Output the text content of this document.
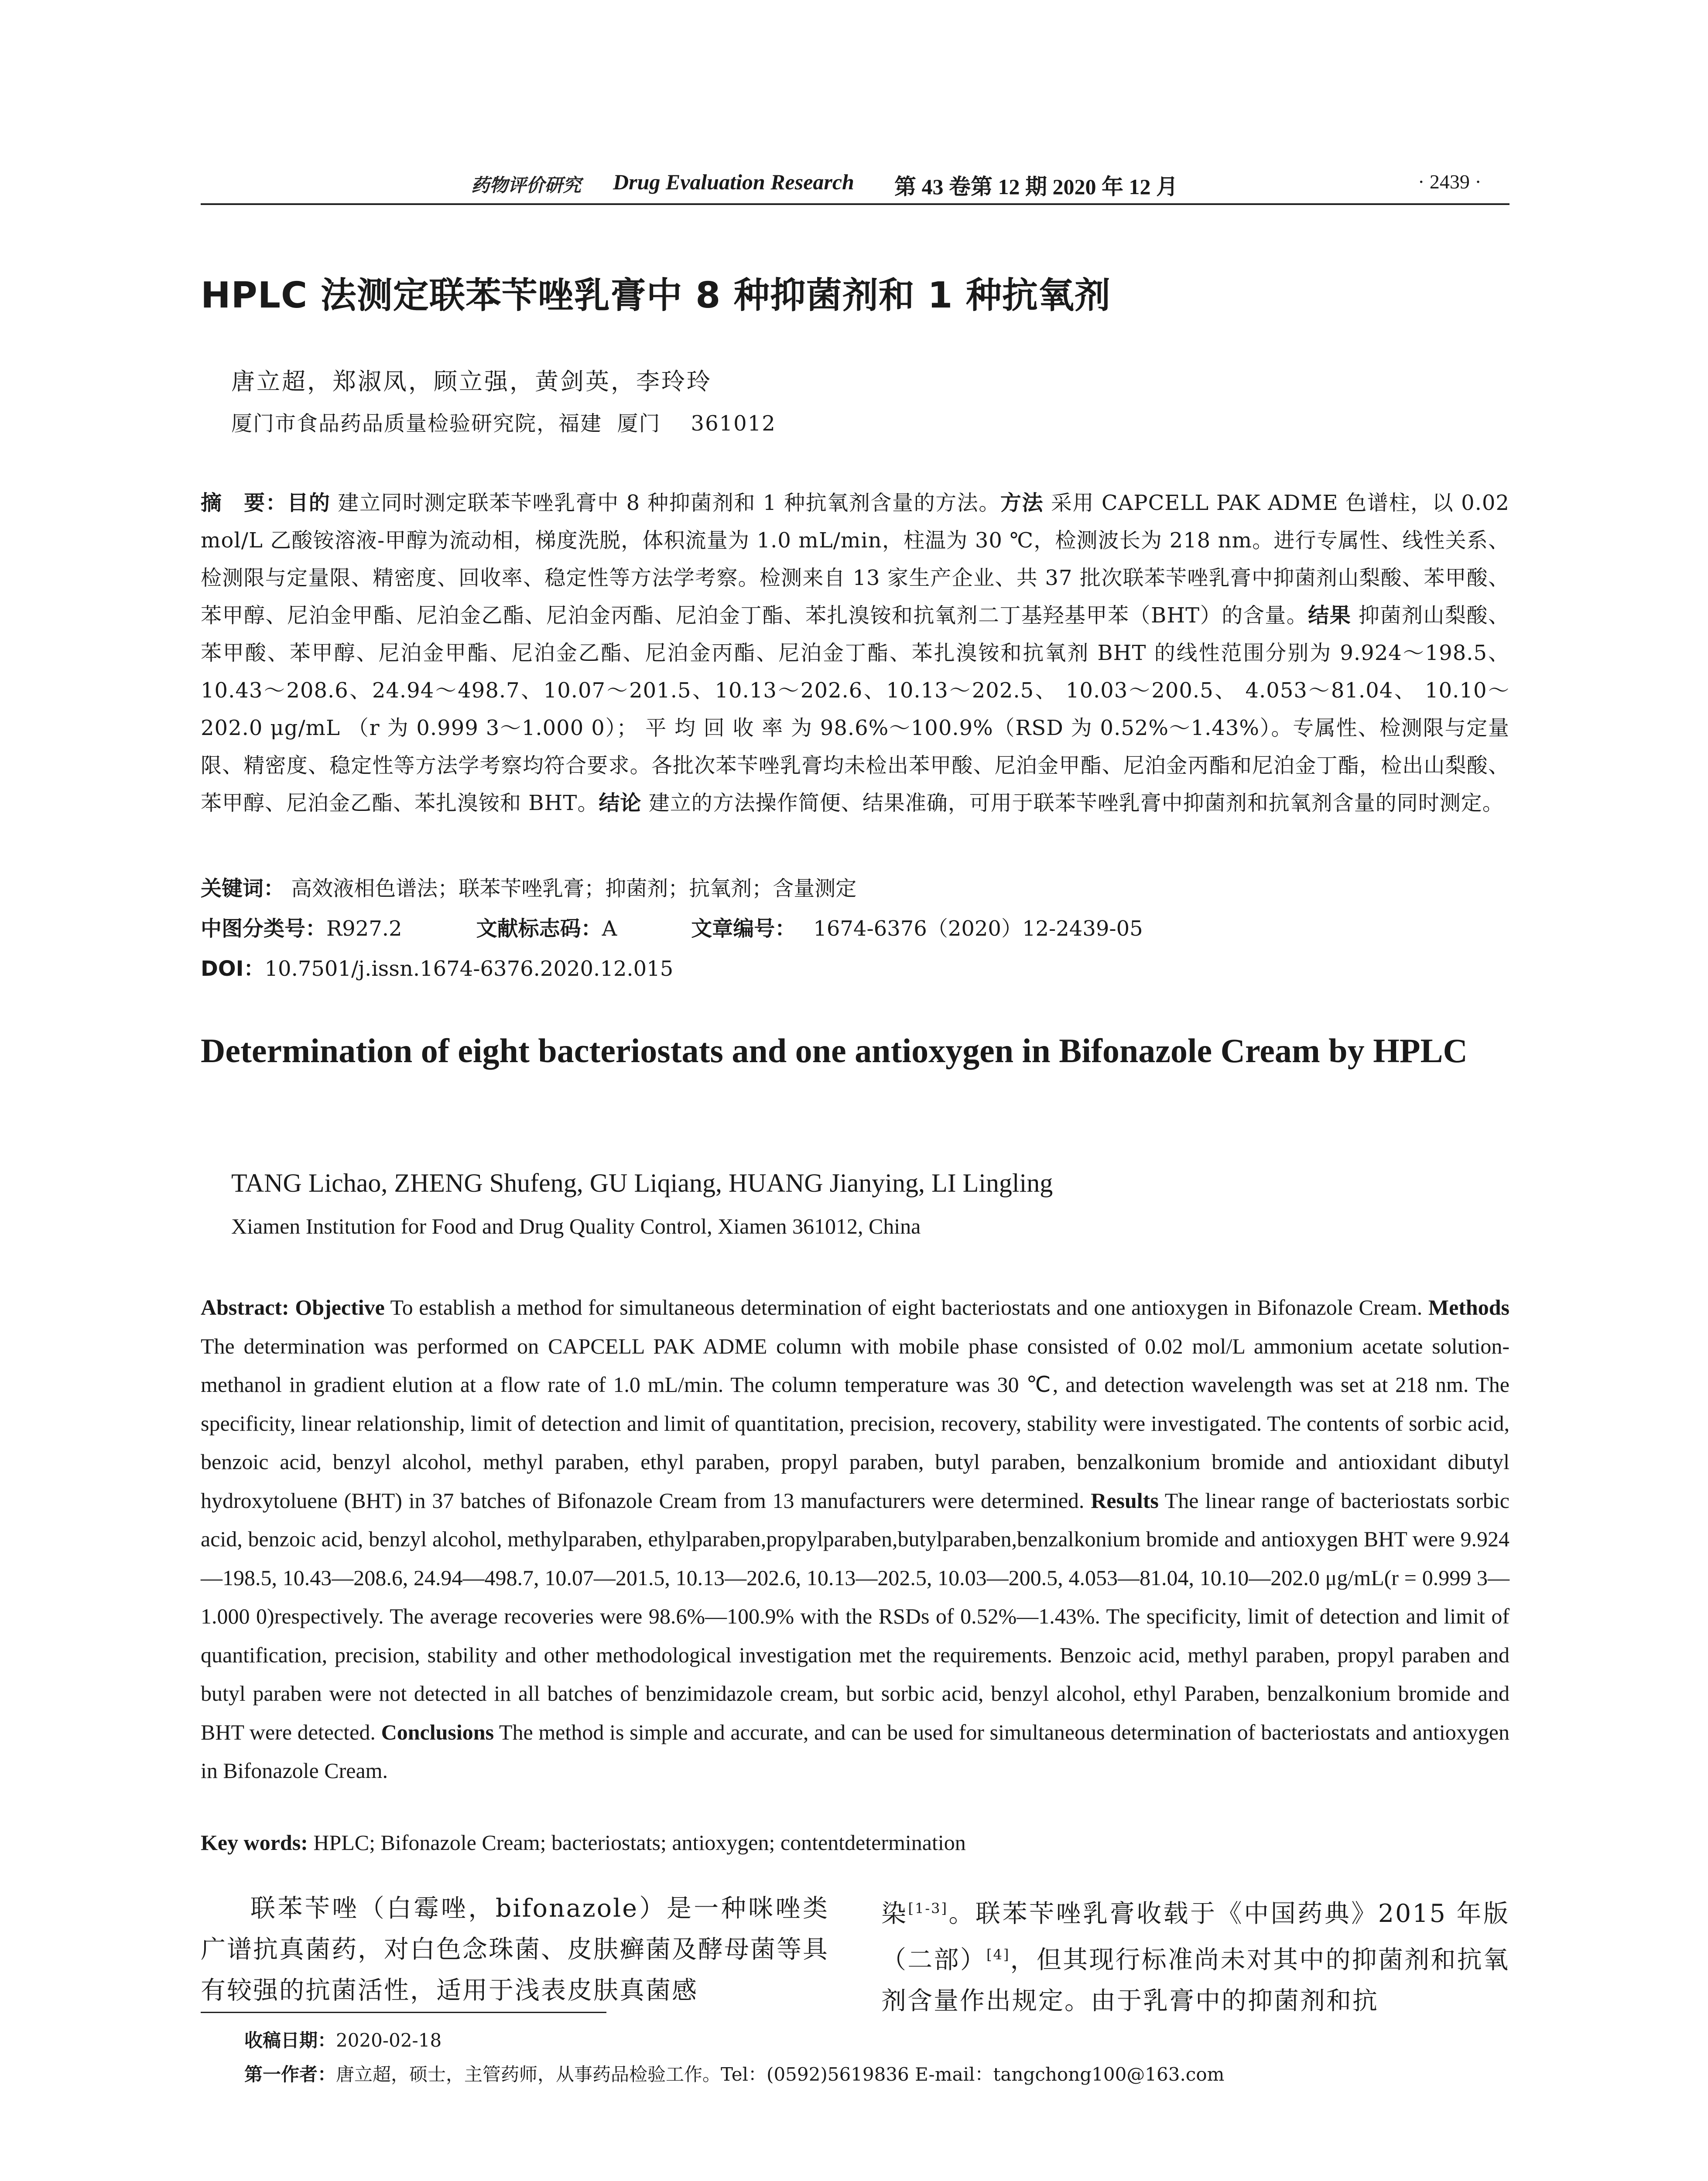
药物评价研究 Drug Evaluation Research 第 43 卷第 12 期 2020 年 12 月	· 2439 ·
HPLC 法测定联苯苄唑乳膏中 8 种抑菌剂和 1 种抗氧剂
唐立超，郑淑凤，顾立强，黄剑英，李玲玲
厦门市食品药品质量检验研究院，福建  厦门    361012
摘　要：目的 建立同时测定联苯苄唑乳膏中 8 种抑菌剂和 1 种抗氧剂含量的方法。方法 采用 CAPCELL PAK ADME 色谱柱，以 0.02 mol/L 乙酸铵溶液-甲醇为流动相，梯度洗脱，体积流量为 1.0 mL/min，柱温为 30 ℃，检测波长为 218 nm。进行专属性、线性关系、检测限与定量限、精密度、回收率、稳定性等方法学考察。检测来自 13 家生产企业、共 37 批次联苯苄唑乳膏中抑菌剂山梨酸、苯甲酸、苯甲醇、尼泊金甲酯、尼泊金乙酯、尼泊金丙酯、尼泊金丁酯、苯扎溴铵和抗氧剂二丁基羟基甲苯（BHT）的含量。结果 抑菌剂山梨酸、苯甲酸、苯甲醇、尼泊金甲酯、尼泊金乙酯、尼泊金丙酯、尼泊金丁酯、苯扎溴铵和抗氧剂 BHT 的线性范围分别为 9.924～198.5、10.43～208.6、24.94～498.7、10.07～201.5、10.13～202.6、10.13～202.5、 10.03～200.5、 4.053～81.04、 10.10～202.0 μg/mL （r 为 0.999 3～1.000 0）； 平 均 回 收 率 为 98.6%～100.9%（RSD 为 0.52%～1.43%）。专属性、检测限与定量限、精密度、稳定性等方法学考察均符合要求。各批次苯苄唑乳膏均未检出苯甲酸、尼泊金甲酯、尼泊金丙酯和尼泊金丁酯，检出山梨酸、苯甲醇、尼泊金乙酯、苯扎溴铵和 BHT。结论 建立的方法操作简便、结果准确，可用于联苯苄唑乳膏中抑菌剂和抗氧剂含量的同时测定。
关键词： 高效液相色谱法；联苯苄唑乳膏；抑菌剂；抗氧剂；含量测定
中图分类号：R927.2	文献标志码：A	文章编号： 1674-6376（2020）12-2439-05
DOI：10.7501/j.issn.1674-6376.2020.12.015
Determination of eight bacteriostats and one antioxygen in Bifonazole Cream by HPLC
TANG Lichao, ZHENG Shufeng, GU Liqiang, HUANG Jianying, LI Lingling
Xiamen Institution for Food and Drug Quality Control, Xiamen 361012, China
Abstract: Objective To establish a method for simultaneous determination of eight bacteriostats and one antioxygen in Bifonazole Cream. Methods The determination was performed on CAPCELL PAK ADME column with mobile phase consisted of 0.02 mol/L ammonium acetate solution-methanol in gradient elution at a flow rate of 1.0 mL/min. The column temperature was 30 ℃, and detection wavelength was set at 218 nm. The specificity, linear relationship, limit of detection and limit of quantitation, precision, recovery, stability were investigated. The contents of sorbic acid, benzoic acid, benzyl alcohol, methyl paraben, ethyl paraben, propyl paraben, butyl paraben, benzalkonium bromide and antioxidant dibutyl hydroxytoluene (BHT) in 37 batches of Bifonazole Cream from 13 manufacturers were determined. Results The linear range of bacteriostats sorbic acid, benzoic acid, benzyl alcohol, methylparaben, ethylparaben,propylparaben,butylparaben,benzalkonium bromide and antioxygen BHT were 9.924—198.5, 10.43—208.6, 24.94—498.7, 10.07—201.5, 10.13—202.6, 10.13—202.5, 10.03—200.5, 4.053—81.04, 10.10—202.0 μg/mL(r = 0.999 3—1.000 0)respectively. The average recoveries were 98.6%—100.9% with the RSDs of 0.52%—1.43%. The specificity, limit of detection and limit of quantification, precision, stability and other methodological investigation met the requirements. Benzoic acid, methyl paraben, propyl paraben and butyl paraben were not detected in all batches of benzimidazole cream, but sorbic acid, benzyl alcohol, ethyl Paraben, benzalkonium bromide and BHT were detected. Conclusions The method is simple and accurate, and can be used for simultaneous determination of bacteriostats and antioxygen in Bifonazole Cream.
Key words: HPLC; Bifonazole Cream; bacteriostats; antioxygen; contentdetermination
联苯苄唑（白霉唑，bifonazole）是一种咪唑类广谱抗真菌药，对白色念珠菌、皮肤癣菌及酵母菌等具有较强的抗菌活性，适用于浅表皮肤真菌感
染[1-3]。联苯苄唑乳膏收载于《中国药典》2015 年版（二部）[4]，但其现行标准尚未对其中的抑菌剂和抗氧剂含量作出规定。由于乳膏中的抑菌剂和抗
收稿日期：2020-02-18
第一作者：唐立超，硕士，主管药师，从事药品检验工作。Tel：(0592)5619836 E-mail：tangchong100@163.com
